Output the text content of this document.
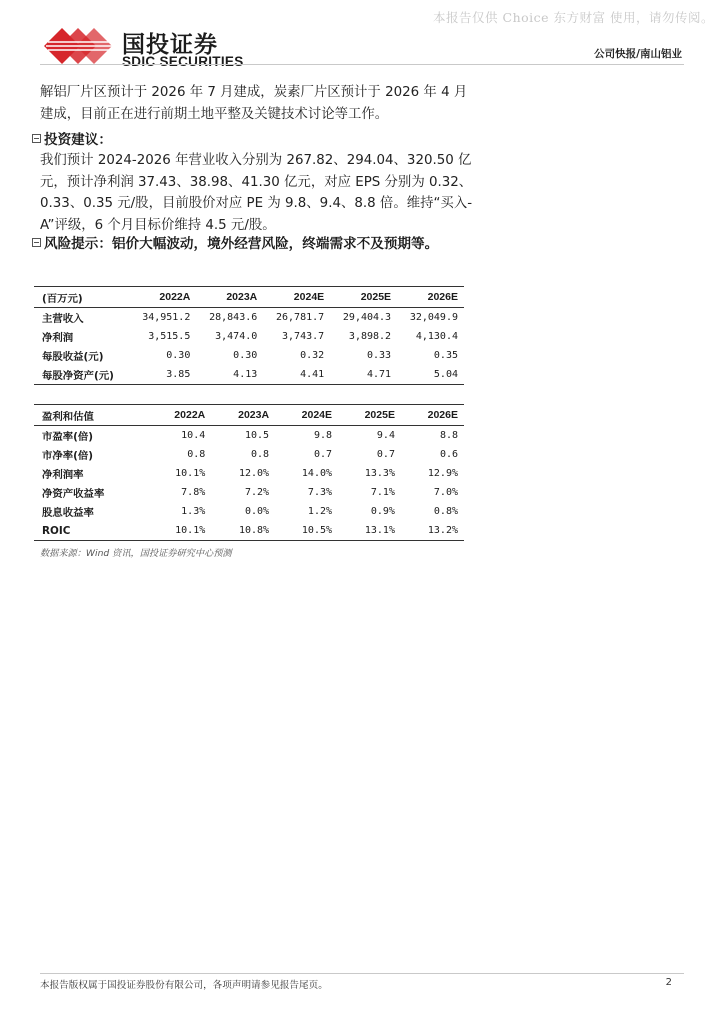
本报告仅供 Choice 东方财富 使用，请勿传阅。
国投证券
SDIC SECURITIES	公司快报/南山铝业
解铝厂片区预计于 2026 年 7 月建成，炭素厂片区预计于 2026 年 4 月建成，目前正在进行前期土地平整及关键技术讨论等工作。
投资建议：
我们预计 2024-2026 年营业收入分别为 267.82、294.04、320.50 亿元，预计净利润 37.43、38.98、41.30 亿元，对应 EPS 分别为 0.32、0.33、0.35 元/股，目前股价对应 PE 为 9.8、9.4、8.8 倍。维持“买入-A”评级，6 个月目标价维持 4.5 元/股。
风险提示：铝价大幅波动，境外经营风险，终端需求不及预期等。
(百万元)	2022A	2023A	2024E	2025E	2026E
主营收入	34,951.2	28,843.6	26,781.7	29,404.3	32,049.9
净利润	3,515.5	3,474.0	3,743.7	3,898.2	4,130.4
每股收益(元)	0.30	0.30	0.32	0.33	0.35
每股净资产(元)	3.85	4.13	4.41	4.71	5.04
盈利和估值	2022A	2023A	2024E	2025E	2026E
市盈率(倍)	10.4	10.5	9.8	9.4	8.8
市净率(倍)	0.8	0.8	0.7	0.7	0.6
净利润率	10.1%	12.0%	14.0%	13.3%	12.9%
净资产收益率	7.8%	7.2%	7.3%	7.1%	7.0%
股息收益率	1.3%	0.0%	1.2%	0.9%	0.8%
ROIC	10.1%	10.8%	10.5%	13.1%	13.2%
数据来源：Wind 资讯，国投证券研究中心预测
本报告版权属于国投证券股份有限公司，各项声明请参见报告尾页。	2
